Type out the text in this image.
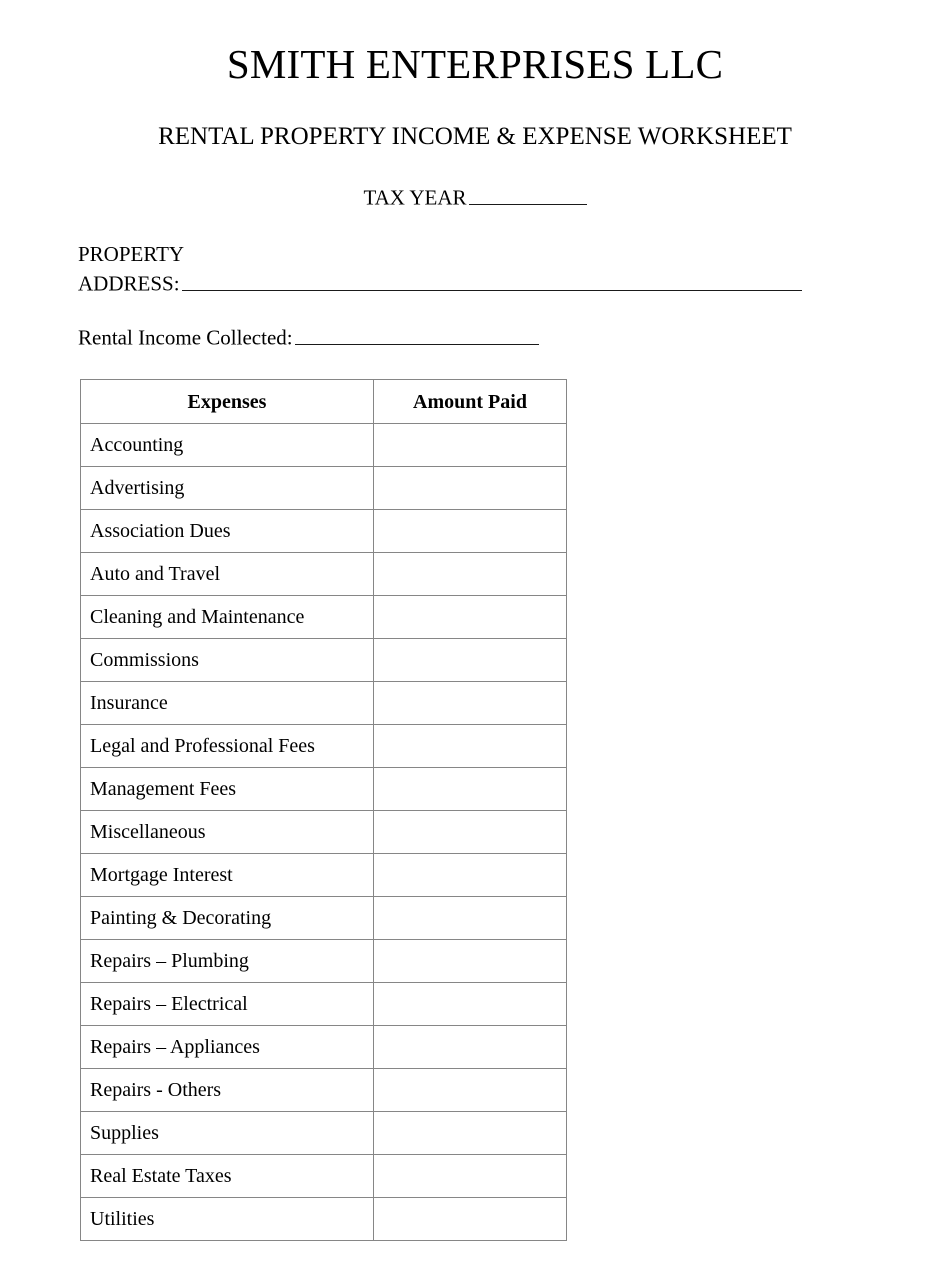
SMITH ENTERPRISES LLC
RENTAL PROPERTY INCOME & EXPENSE WORKSHEET
TAX YEAR
PROPERTY
ADDRESS:
Rental Income Collected:
Expenses	Amount Paid
Accounting	
Advertising	
Association Dues	
Auto and Travel	
Cleaning and Maintenance	
Commissions	
Insurance	
Legal and Professional Fees	
Management Fees	
Miscellaneous	
Mortgage Interest	
Painting & Decorating	
Repairs – Plumbing	
Repairs – Electrical	
Repairs – Appliances	
Repairs - Others	
Supplies	
Real Estate Taxes	
Utilities	
